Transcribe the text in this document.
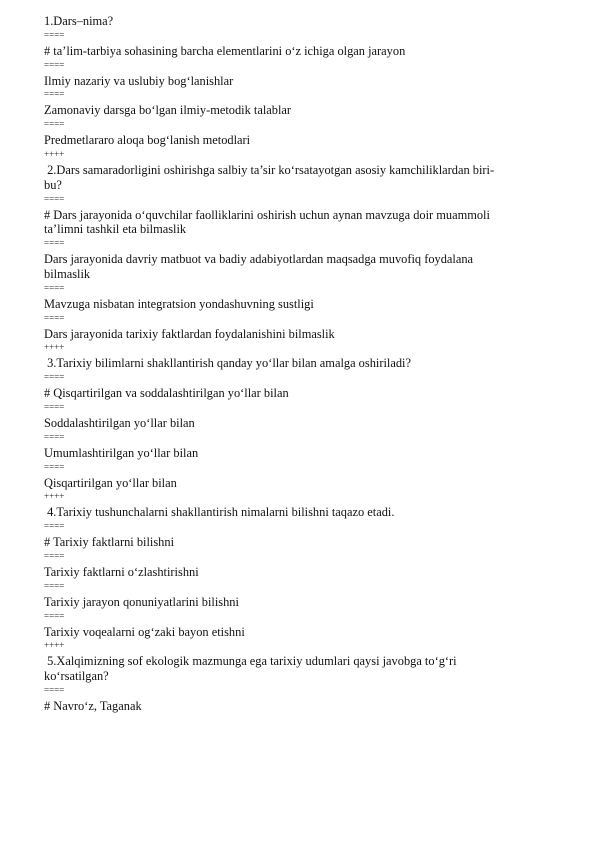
1.Dars–nima?
====
# ta’lim-tarbiya sohasining barcha elementlarini o‘z ichiga olgan jarayon
====
Ilmiy nazariy va uslubiy bog‘lanishlar
====
Zamonaviy darsga bo‘lgan ilmiy-metodik talablar
====
Predmetlararo aloqa bog‘lanish metodlari
++++
2.Dars samaradorligini oshirishga salbiy ta’sir ko‘rsatayotgan asosiy kamchiliklardan biri-
bu?
====
# Dars jarayonida o‘quvchilar faolliklarini oshirish uchun aynan mavzuga doir muammoli
ta’limni tashkil eta bilmaslik
====
Dars jarayonida davriy matbuot va badiy adabiyotlardan maqsadga muvofiq foydalana
bilmaslik
====
Mavzuga nisbatan integratsion yondashuvning sustligi
====
Dars jarayonida tarixiy faktlardan foydalanishini bilmaslik
++++
3.Tarixiy bilimlarni shakllantirish qanday yo‘llar bilan amalga oshiriladi?
====
# Qisqartirilgan va soddalashtirilgan yo‘llar bilan
====
Soddalashtirilgan yo‘llar bilan
====
Umumlashtirilgan yo‘llar bilan
====
Qisqartirilgan yo‘llar bilan
++++
4.Tarixiy tushunchalarni shakllantirish nimalarni bilishni taqazo etadi.
====
# Tarixiy faktlarni bilishni
====
Tarixiy faktlarni o‘zlashtirishni
====
Tarixiy jarayon qonuniyatlarini bilishni
====
Tarixiy voqealarni og‘zaki bayon etishni
++++
5.Xalqimizning sof ekologik mazmunga ega tarixiy udumlari qaysi javobga to‘g‘ri
ko‘rsatilgan?
====
# Navro‘z, Taganak
